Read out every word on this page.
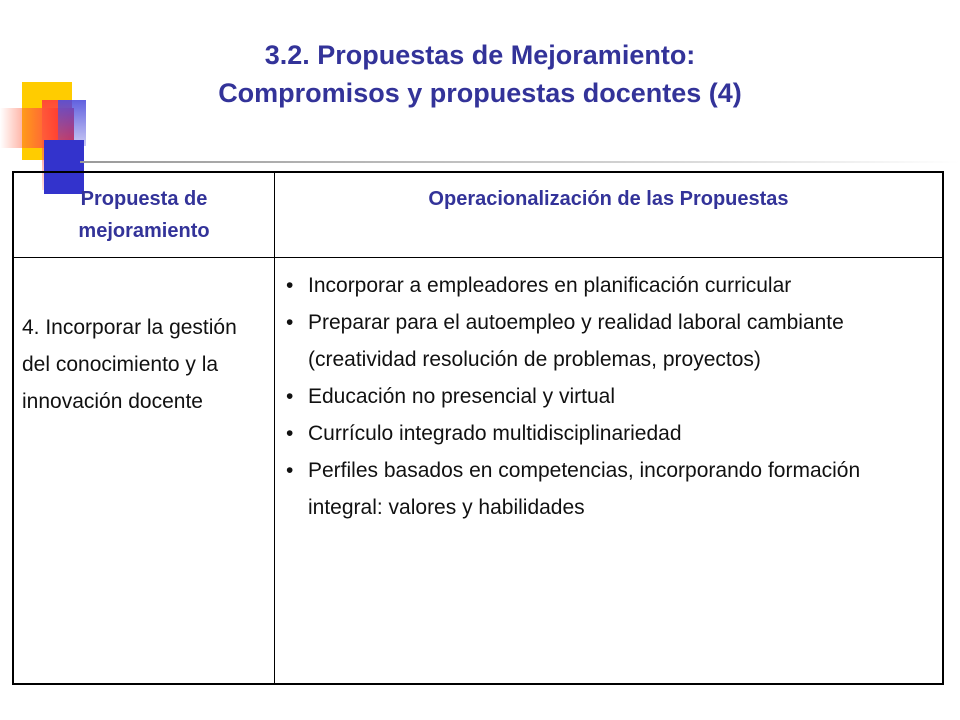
3.2. Propuestas de Mejoramiento:
Compromisos y propuestas docentes (4)
Propuesta de mejoramiento
Operacionalización de las Propuestas
4. Incorporar la gestión del conocimiento y la innovación docente
• Incorporar a empleadores en planificación curricular
• Preparar para el autoempleo y realidad laboral cambiante (creatividad resolución de problemas, proyectos)
• Educación no presencial y virtual
• Currículo integrado multidisciplinariedad
• Perfiles basados en competencias, incorporando formación integral: valores y habilidades
